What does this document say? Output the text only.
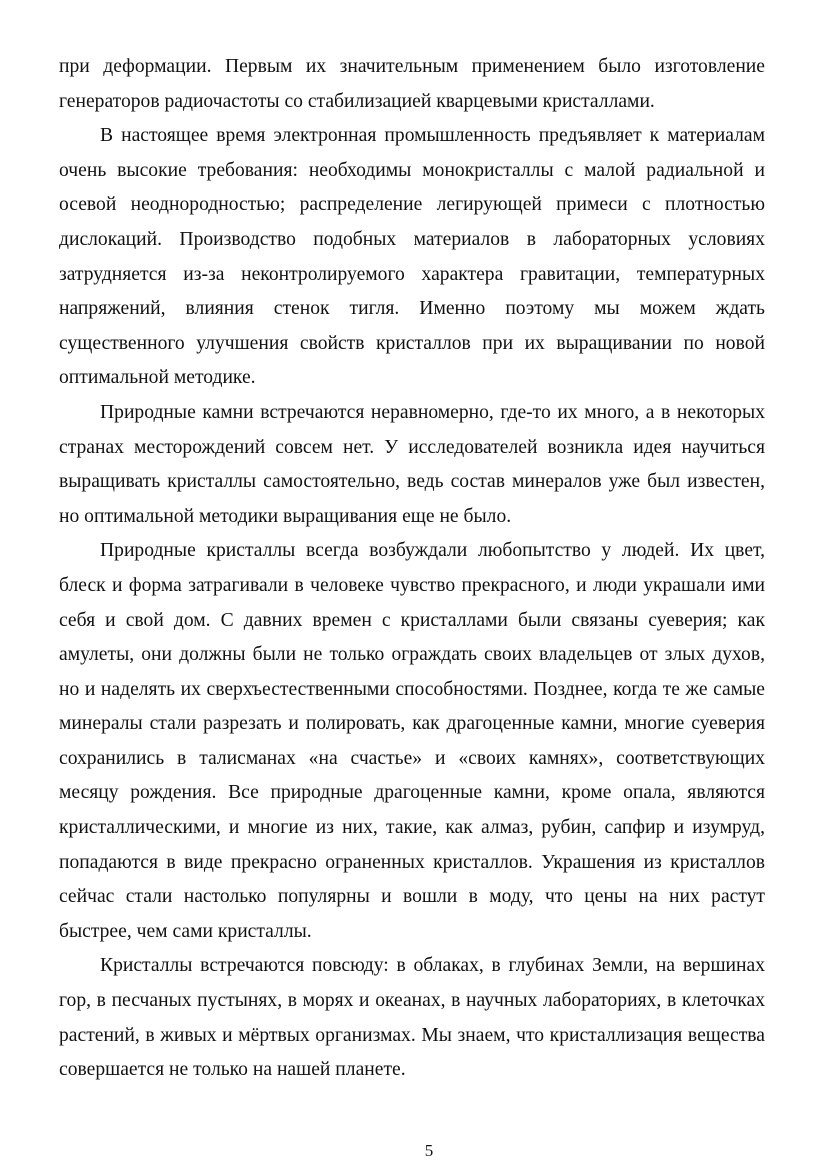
при деформации. Первым их значительным применением было изготовление генераторов радиочастоты со стабилизацией кварцевыми кристаллами.

В настоящее время электронная промышленность предъявляет к материалам очень высокие требования: необходимы монокристаллы с малой радиальной и осевой неоднородностью; распределение легирующей примеси с плотностью дислокаций. Производство подобных материалов в лабораторных условиях затрудняется из-за неконтролируемого характера гравитации, температурных напряжений, влияния стенок тигля. Именно поэтому мы можем ждать существенного улучшения свойств кристаллов при их выращивании по новой оптимальной методике.

Природные камни встречаются неравномерно, где-то их много, а в некоторых странах месторождений совсем нет. У исследователей возникла идея научиться выращивать кристаллы самостоятельно, ведь состав минералов уже был известен, но оптимальной методики выращивания еще не было.

Природные кристаллы всегда возбуждали любопытство у людей. Их цвет, блеск и форма затрагивали в человеке чувство прекрасного, и люди украшали ими себя и свой дом. С давних времен с кристаллами были связаны суеверия; как амулеты, они должны были не только ограждать своих владельцев от злых духов, но и наделять их сверхъестественными способностями. Позднее, когда те же самые минералы стали разрезать и полировать, как драгоценные камни, многие суеверия сохранились в талисманах «на счастье» и «своих камнях», соответствующих месяцу рождения. Все природные драгоценные камни, кроме опала, являются кристаллическими, и многие из них, такие, как алмаз, рубин, сапфир и изумруд, попадаются в виде прекрасно ограненных кристаллов. Украшения из кристаллов сейчас стали настолько популярны и вошли в моду, что цены на них растут быстрее, чем сами кристаллы.

Кристаллы встречаются повсюду: в облаках, в глубинах Земли, на вершинах гор, в песчаных пустынях, в морях и океанах, в научных лабораториях, в клеточках растений, в живых и мёртвых организмах. Мы знаем, что кристаллизация вещества совершается не только на нашей планете.

5
